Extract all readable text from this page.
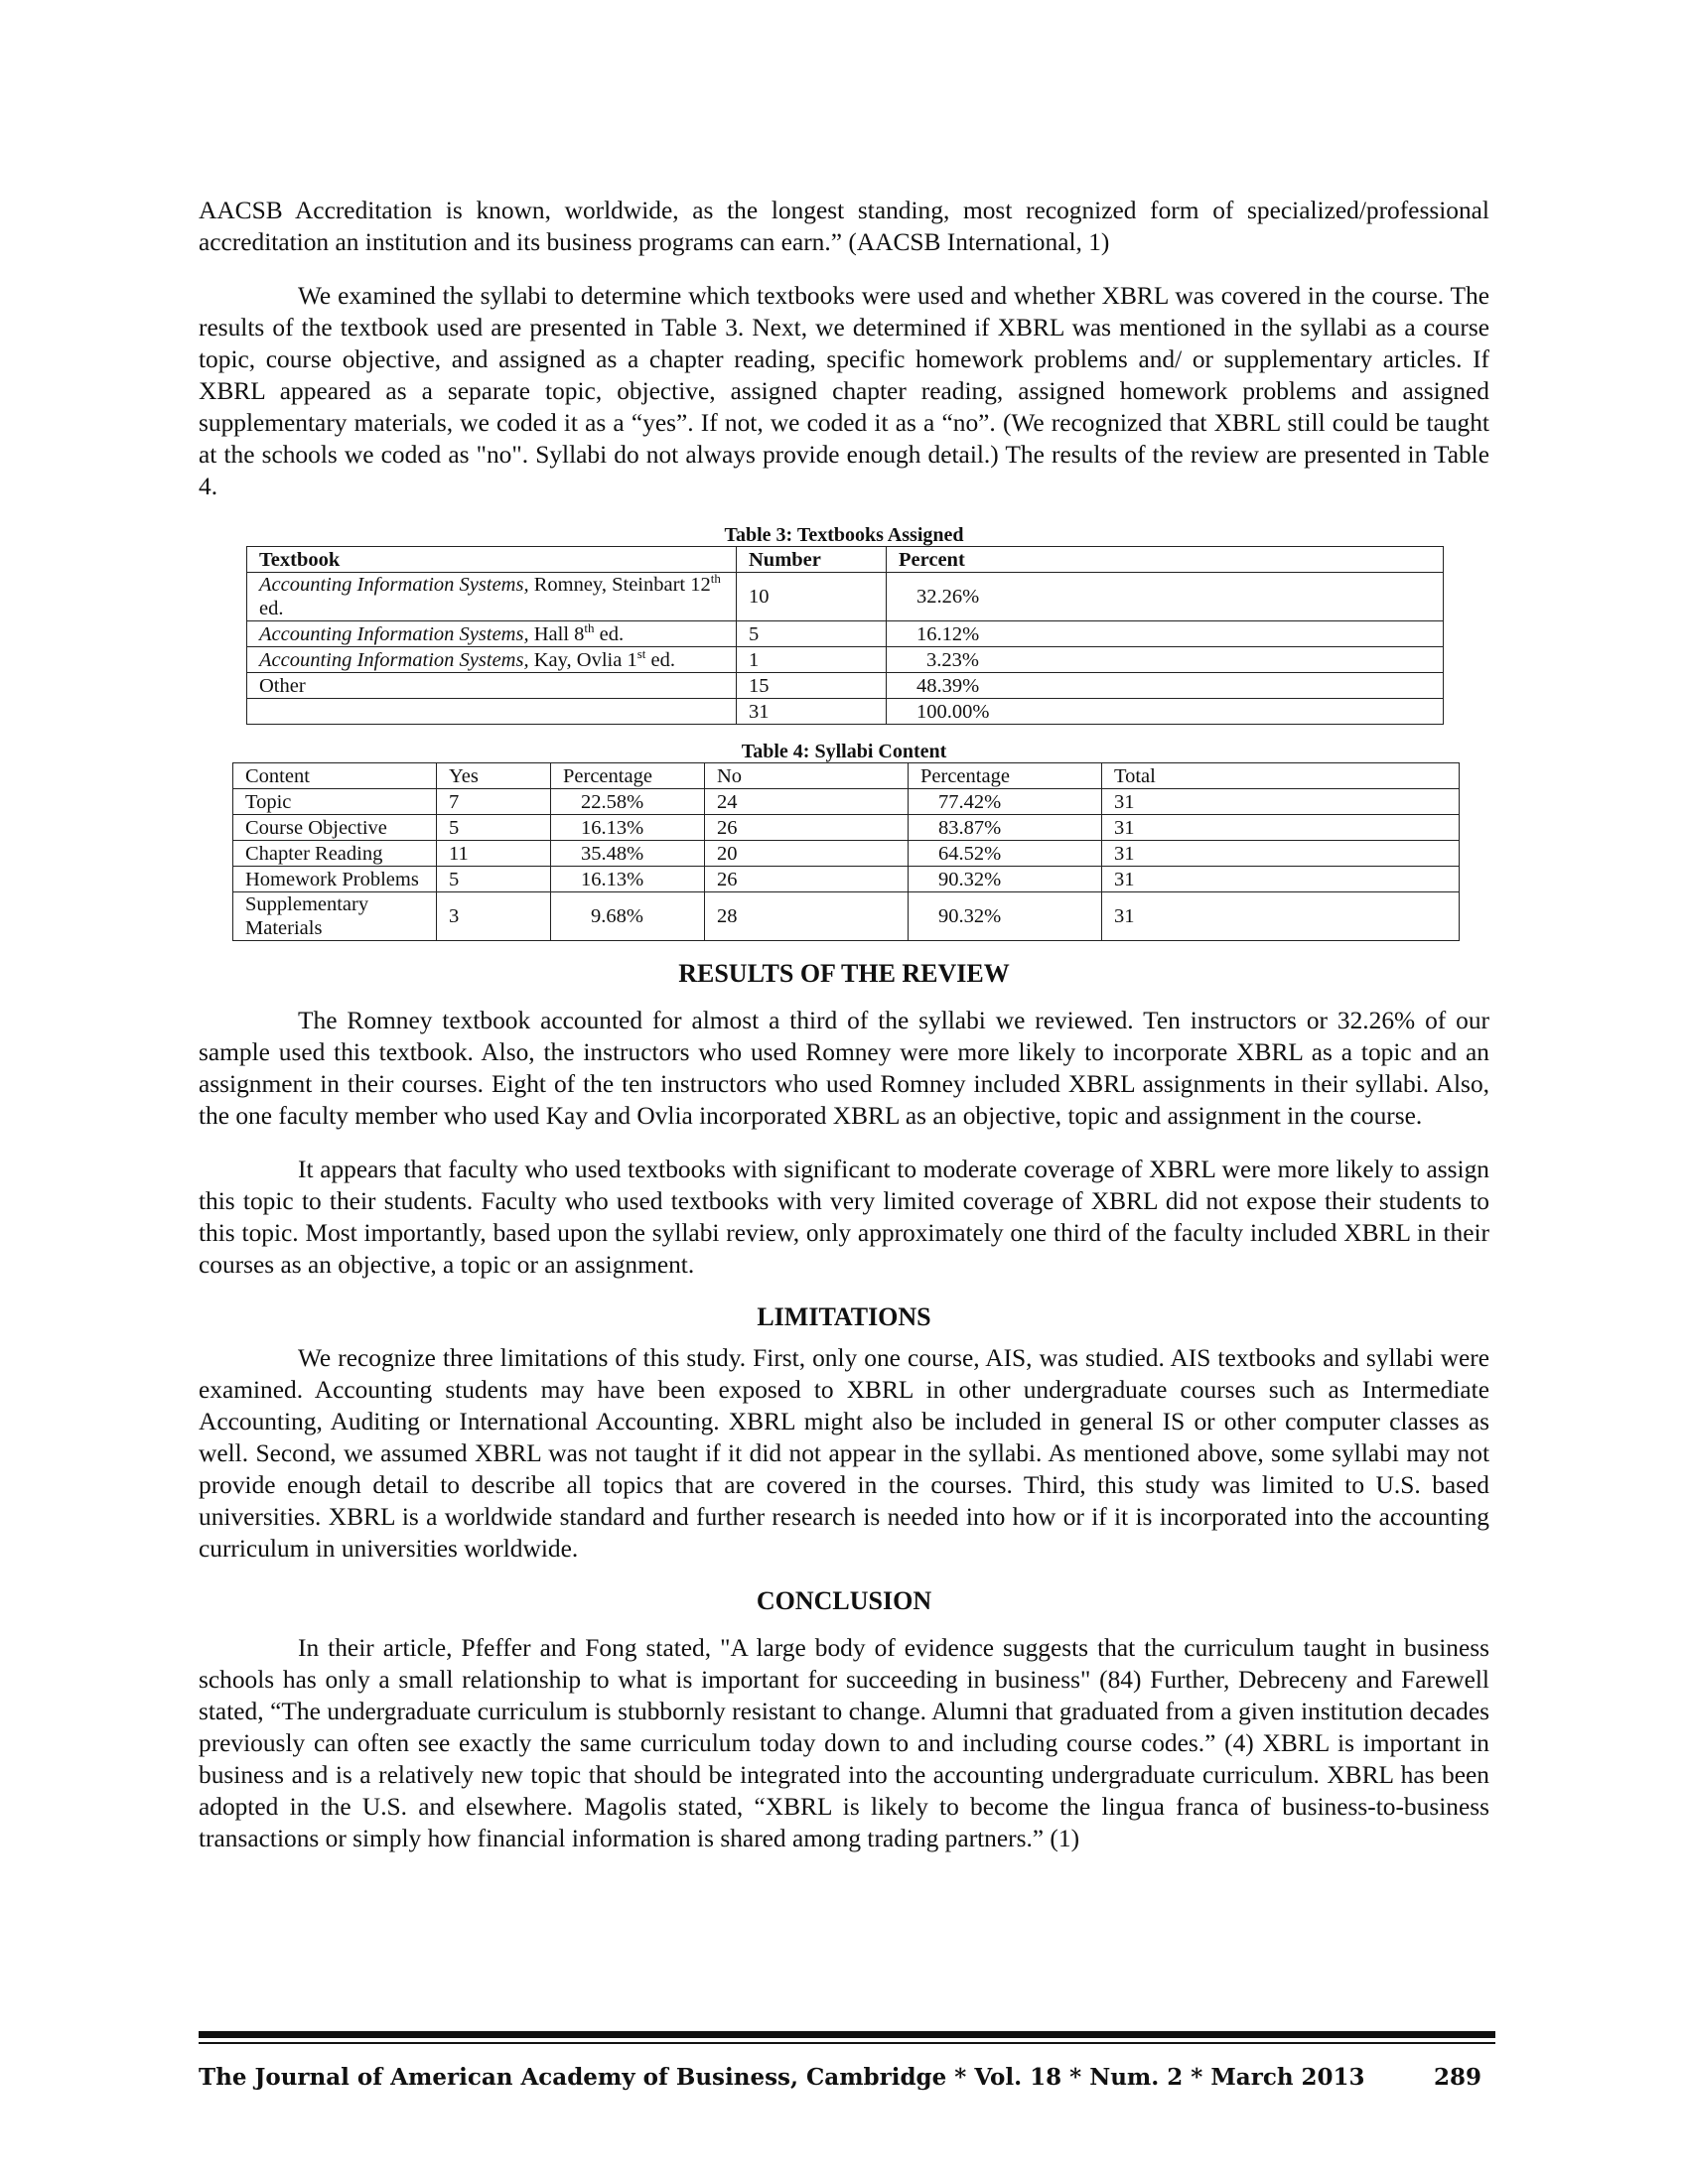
AACSB Accreditation is known, worldwide, as the longest standing, most recognized form of specialized/professional accreditation an institution and its business programs can earn.” (AACSB International, 1)

We examined the syllabi to determine which textbooks were used and whether XBRL was covered in the course. The results of the textbook used are presented in Table 3. Next, we determined if XBRL was mentioned in the syllabi as a course topic, course objective, and assigned as a chapter reading, specific homework problems and/ or supplementary articles. If XBRL appeared as a separate topic, objective, assigned chapter reading, assigned homework problems and assigned supplementary materials, we coded it as a “yes”. If not, we coded it as a “no”. (We recognized that XBRL still could be taught at the schools we coded as "no". Syllabi do not always provide enough detail.) The results of the review are presented in Table 4.

Table 3: Textbooks Assigned
Textbook	Number	Percent
Accounting Information Systems, Romney, Steinbart 12th ed.	10	32.26%
Accounting Information Systems, Hall 8th ed.	5	16.12%
Accounting Information Systems, Kay, Ovlia 1st ed.	1	3.23%
Other	15	48.39%
	31	100.00%
Table 4: Syllabi Content
Content	Yes	Percentage	No	Percentage	Total
Topic	7	22.58%	24	77.42%	31
Course Objective	5	16.13%	26	83.87%	31
Chapter Reading	11	35.48%	20	64.52%	31
Homework Problems	5	16.13%	26	90.32%	31
Supplementary Materials	3	9.68%	28	90.32%	31
RESULTS OF THE REVIEW

The Romney textbook accounted for almost a third of the syllabi we reviewed. Ten instructors or 32.26% of our sample used this textbook. Also, the instructors who used Romney were more likely to incorporate XBRL as a topic and an assignment in their courses. Eight of the ten instructors who used Romney included XBRL assignments in their syllabi. Also, the one faculty member who used Kay and Ovlia incorporated XBRL as an objective, topic and assignment in the course.

It appears that faculty who used textbooks with significant to moderate coverage of XBRL were more likely to assign this topic to their students. Faculty who used textbooks with very limited coverage of XBRL did not expose their students to this topic. Most importantly, based upon the syllabi review, only approximately one third of the faculty included XBRL in their courses as an objective, a topic or an assignment.

LIMITATIONS

We recognize three limitations of this study. First, only one course, AIS, was studied. AIS textbooks and syllabi were examined. Accounting students may have been exposed to XBRL in other undergraduate courses such as Intermediate Accounting, Auditing or International Accounting. XBRL might also be included in general IS or other computer classes as well. Second, we assumed XBRL was not taught if it did not appear in the syllabi. As mentioned above, some syllabi may not provide enough detail to describe all topics that are covered in the courses. Third, this study was limited to U.S. based universities. XBRL is a worldwide standard and further research is needed into how or if it is incorporated into the accounting curriculum in universities worldwide.

CONCLUSION

In their article, Pfeffer and Fong stated, "A large body of evidence suggests that the curriculum taught in business schools has only a small relationship to what is important for succeeding in business" (84) Further, Debreceny and Farewell stated, “The undergraduate curriculum is stubbornly resistant to change. Alumni that graduated from a given institution decades previously can often see exactly the same curriculum today down to and including course codes.” (4) XBRL is important in business and is a relatively new topic that should be integrated into the accounting undergraduate curriculum. XBRL has been adopted in the U.S. and elsewhere. Magolis stated, “XBRL is likely to become the lingua franca of business-to-business transactions or simply how financial information is shared among trading partners.” (1)

The Journal of American Academy of Business, Cambridge * Vol. 18 * Num. 2 * March 2013	289
